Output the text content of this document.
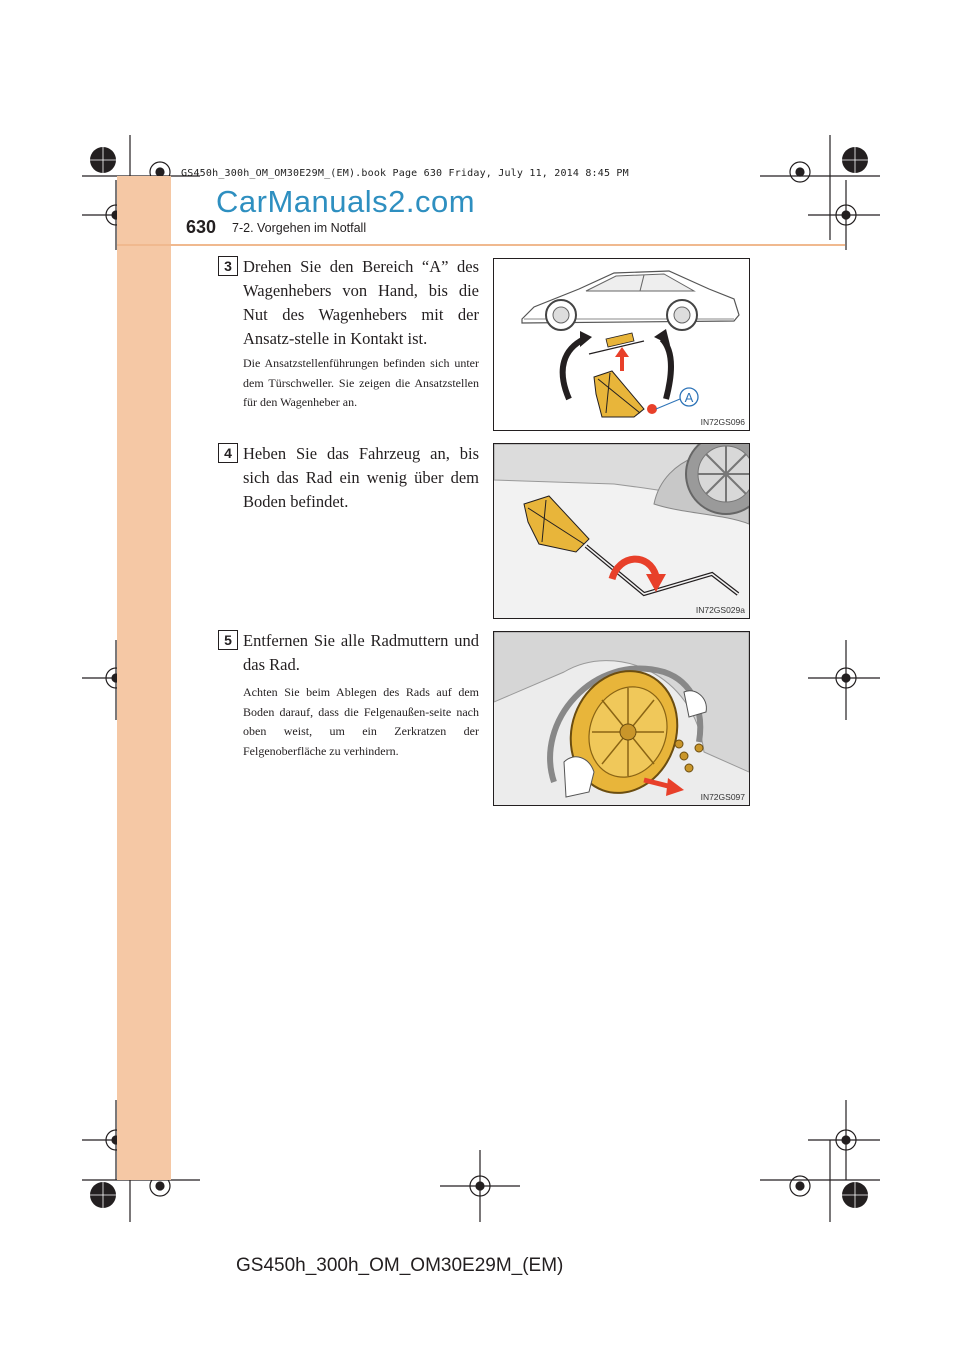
GS450h_300h_OM_OM30E29M_(EM).book Page 630 Friday, July 11, 2014 8:45 PM
CarManuals2.com
630 7-2. Vorgehen im Notfall
3 Drehen Sie den Bereich “A” des Wagenhebers von Hand, bis die Nut des Wagenhebers mit der Ansatz-stelle in Kontakt ist.
Die Ansatzstellenführungen befinden sich unter dem Türschweller. Sie zeigen die Ansatzstellen für den Wagenheber an.	A
IN72GS096
4 Heben Sie das Fahrzeug an, bis sich das Rad ein wenig über dem Boden befindet.
IN72GS029a
5 Entfernen Sie alle Radmuttern und das Rad.
Achten Sie beim Ablegen des Rads auf dem Boden darauf, dass die Felgenaußen-seite nach oben weist, um ein Zerkratzen der Felgenoberfläche zu verhindern.
IN72GS097
GS450h_300h_OM_OM30E29M_(EM)
